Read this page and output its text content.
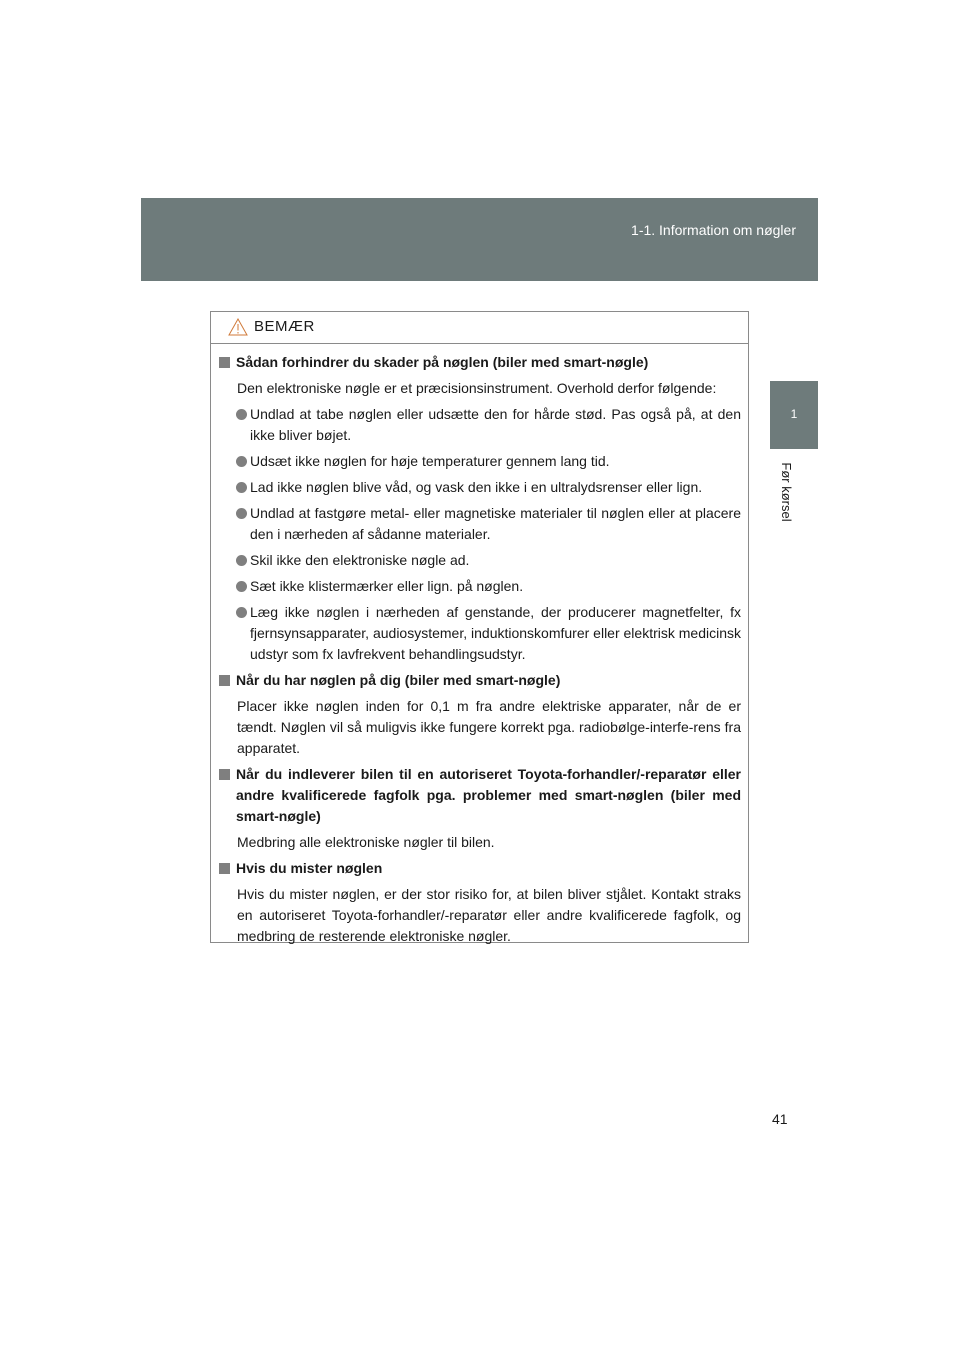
1-1. Information om nøgler
1
Før kørsel
BEMÆR
Sådan forhindrer du skader på nøglen (biler med smart-nøgle)
Den elektroniske nøgle er et præcisionsinstrument. Overhold derfor følgende:
Undlad at tabe nøglen eller udsætte den for hårde stød. Pas også på, at den ikke bliver bøjet.
Udsæt ikke nøglen for høje temperaturer gennem lang tid.
Lad ikke nøglen blive våd, og vask den ikke i en ultralydsrenser eller lign.
Undlad at fastgøre metal- eller magnetiske materialer til nøglen eller at placere den i nærheden af sådanne materialer.
Skil ikke den elektroniske nøgle ad.
Sæt ikke klistermærker eller lign. på nøglen.
Læg ikke nøglen i nærheden af genstande, der producerer magnetfelter, fx fjernsynsapparater, audiosystemer, induktionskomfurer eller elektrisk medicinsk udstyr som fx lavfrekvent behandlingsudstyr.
Når du har nøglen på dig (biler med smart-nøgle)
Placer ikke nøglen inden for 0,1 m fra andre elektriske apparater, når de er tændt. Nøglen vil så muligvis ikke fungere korrekt pga. radiobølge-interfe-rens fra apparatet.
Når du indleverer bilen til en autoriseret Toyota-forhandler/-reparatør eller andre kvalificerede fagfolk pga. problemer med smart-nøglen (biler med smart-nøgle)
Medbring alle elektroniske nøgler til bilen.
Hvis du mister nøglen
Hvis du mister nøglen, er der stor risiko for, at bilen bliver stjålet. Kontakt straks en autoriseret Toyota-forhandler/-reparatør eller andre kvalificerede fagfolk, og medbring de resterende elektroniske nøgler.
41
